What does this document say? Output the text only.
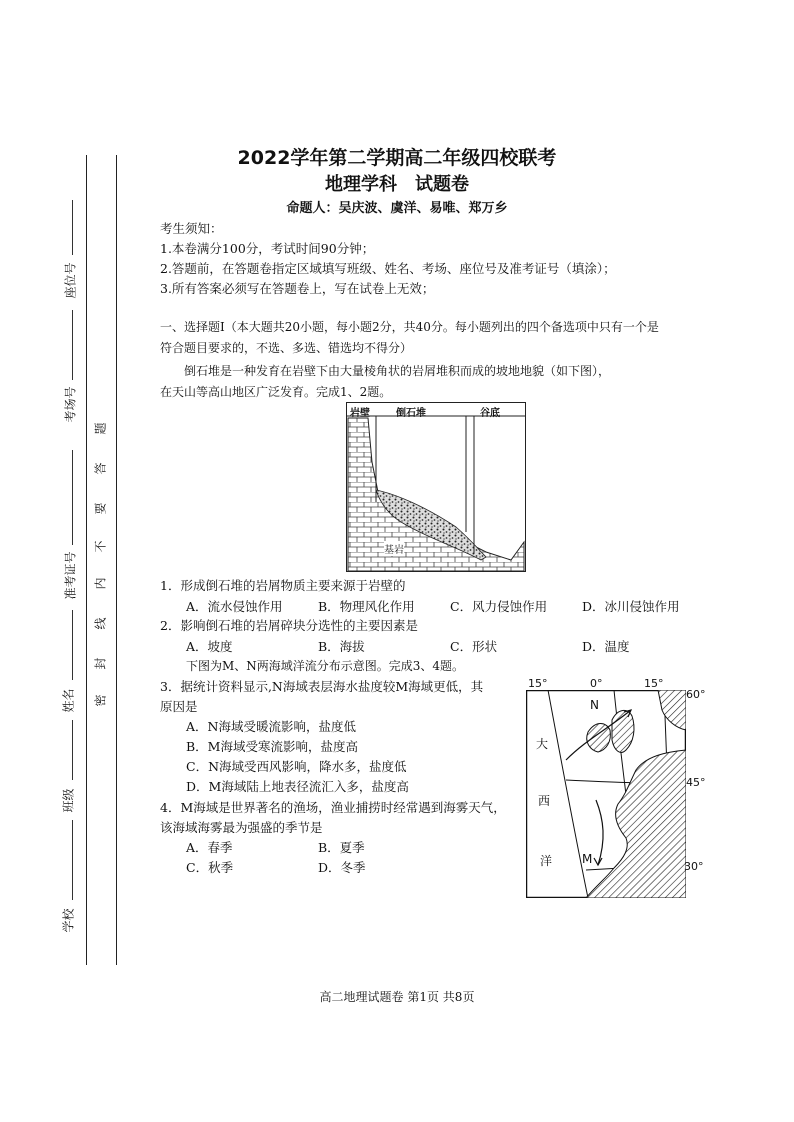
座位号
考场号
准考证号
姓名
班级
学校
题
答
要
不
内
线
封
密
2022学年第二学期高二年级四校联考
地理学科　试题卷
命题人：吴庆波、虞洋、易唯、郑万乡
考生须知：
1.本卷满分100分，考试时间90分钟；
2.答题前，在答题卷指定区域填写班级、姓名、考场、座位号及准考证号（填涂）；
3.所有答案必须写在答题卷上，写在试卷上无效；
一、选择题Ⅰ（本大题共20小题，每小题2分，共40分。每小题列出的四个备选项中只有一个是
符合题目要求的，不选、多选、错选均不得分）
倒石堆是一种发育在岩壁下由大量棱角状的岩屑堆积而成的坡地地貌（如下图），
在天山等高山地区广泛发育。完成1、2题。
岩壁	倒石堆	谷底
基岩
1．形成倒石堆的岩屑物质主要来源于岩壁的
A．流水侵蚀作用	B．物理风化作用	C．风力侵蚀作用	D．冰川侵蚀作用
2．影响倒石堆的岩屑碎块分选性的主要因素是
A．坡度	B．海拔	C．形状	D．温度
下图为M、N两海域洋流分布示意图。完成3、4题。
3．据统计资料显示,N海域表层海水盐度较M海域更低，其
原因是
A．N海域受暖流影响，盐度低
B．M海域受寒流影响，盐度高
C．N海域受西风影响，降水多，盐度低
D．M海域陆上地表径流汇入多，盐度高
4．M海域是世界著名的渔场，渔业捕捞时经常遇到海雾天气，
该海域海雾最为强盛的季节是
A．春季	B．夏季
C．秋季	D．冬季
15°	0°	15°
60°
45°
30°
N
M
大
西
洋
高二地理试题卷 第1页 共8页
